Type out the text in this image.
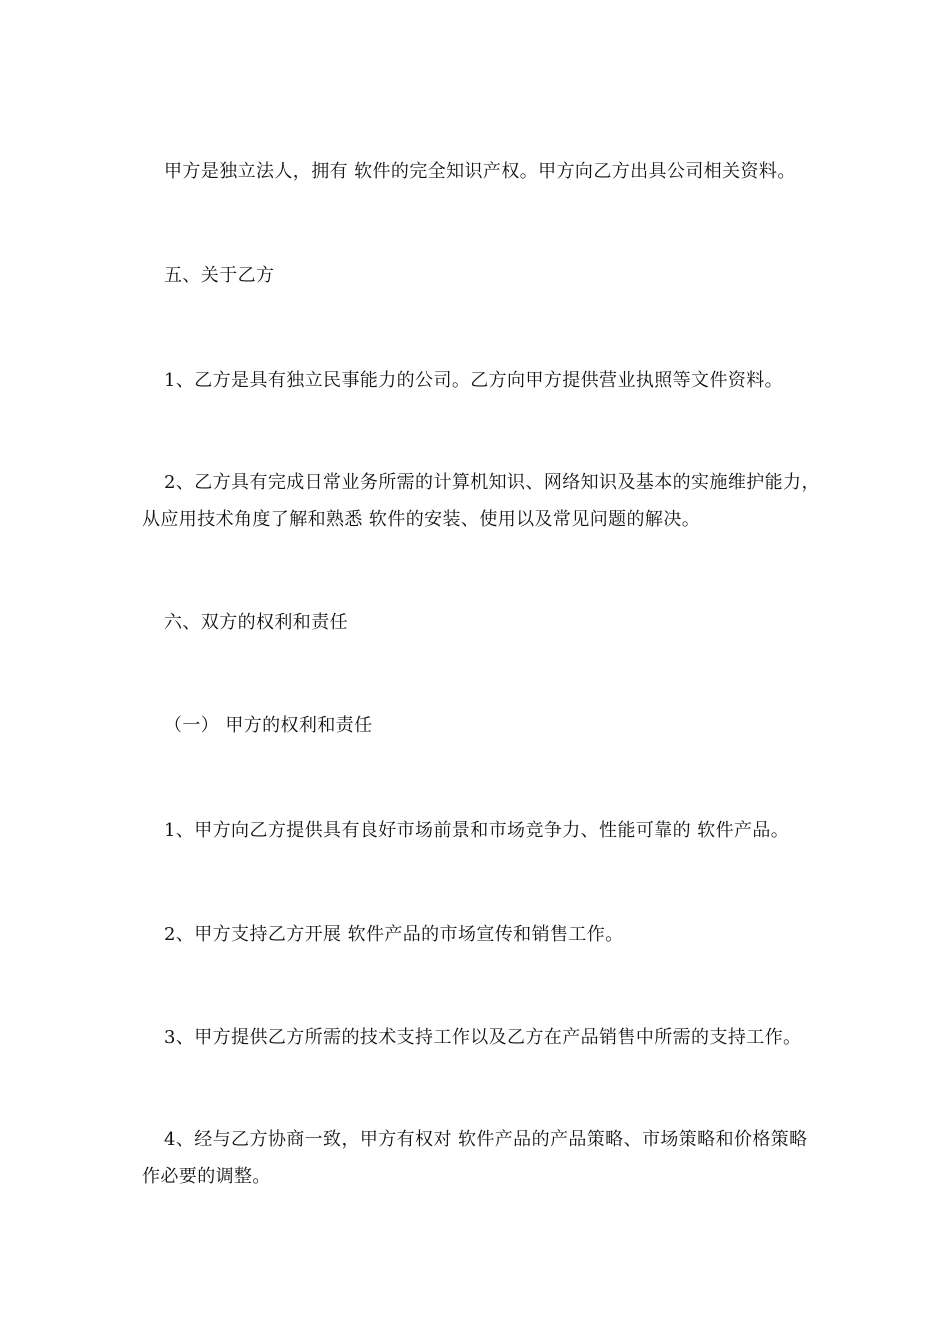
甲方是独立法人，拥有 软件的完全知识产权。甲方向乙方出具公司相关资料。

五、关于乙方

1、乙方是具有独立民事能力的公司。乙方向甲方提供营业执照等文件资料。

2、乙方具有完成日常业务所需的计算机知识、网络知识及基本的实施维护能力，从应用技术角度了解和熟悉 软件的安装、使用以及常见问题的解决。

六、双方的权利和责任

（一） 甲方的权利和责任

1、甲方向乙方提供具有良好市场前景和市场竞争力、性能可靠的 软件产品。

2、甲方支持乙方开展 软件产品的市场宣传和销售工作。

3、甲方提供乙方所需的技术支持工作以及乙方在产品销售中所需的支持工作。

4、经与乙方协商一致，甲方有权对 软件产品的产品策略、市场策略和价格策略作必要的调整。
